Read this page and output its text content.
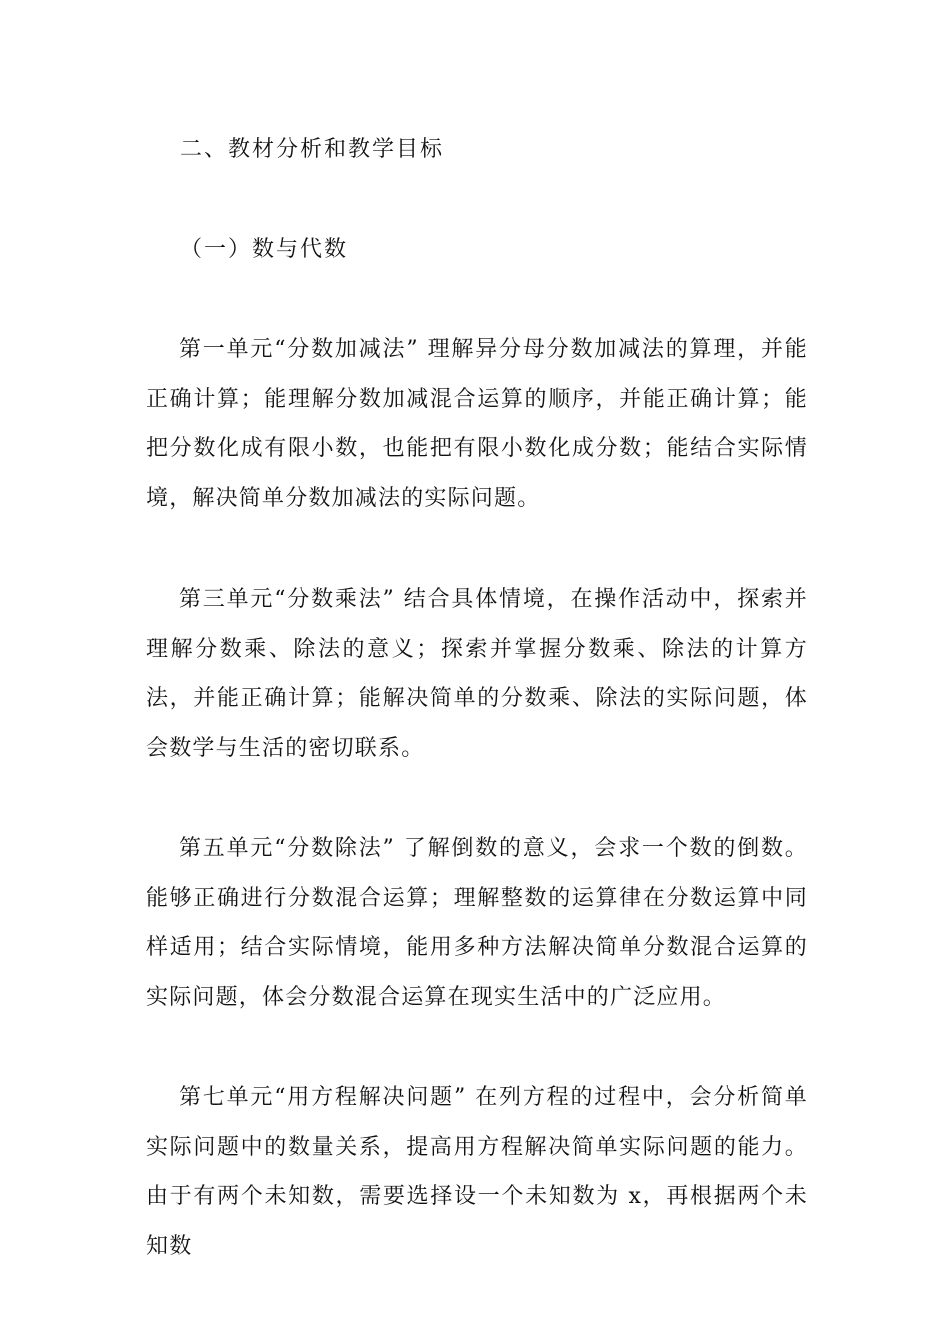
二、教材分析和教学目标
（一）数与代数
第一单元“分数加减法” 理解异分母分数加减法的算理，并能正确计算；能理解分数加减混合运算的顺序，并能正确计算；能把分数化成有限小数，也能把有限小数化成分数；能结合实际情境，解决简单分数加减法的实际问题。
第三单元“分数乘法” 结合具体情境，在操作活动中，探索并理解分数乘、除法的意义；探索并掌握分数乘、除法的计算方法，并能正确计算；能解决简单的分数乘、除法的实际问题，体会数学与生活的密切联系。
第五单元“分数除法” 了解倒数的意义，会求一个数的倒数。能够正确进行分数混合运算；理解整数的运算律在分数运算中同样适用；结合实际情境，能用多种方法解决简单分数混合运算的实际问题，体会分数混合运算在现实生活中的广泛应用。
第七单元“用方程解决问题” 在列方程的过程中，会分析简单实际问题中的数量关系，提高用方程解决简单实际问题的能力。由于有两个未知数，需要选择设一个未知数为 x，再根据两个未知数
